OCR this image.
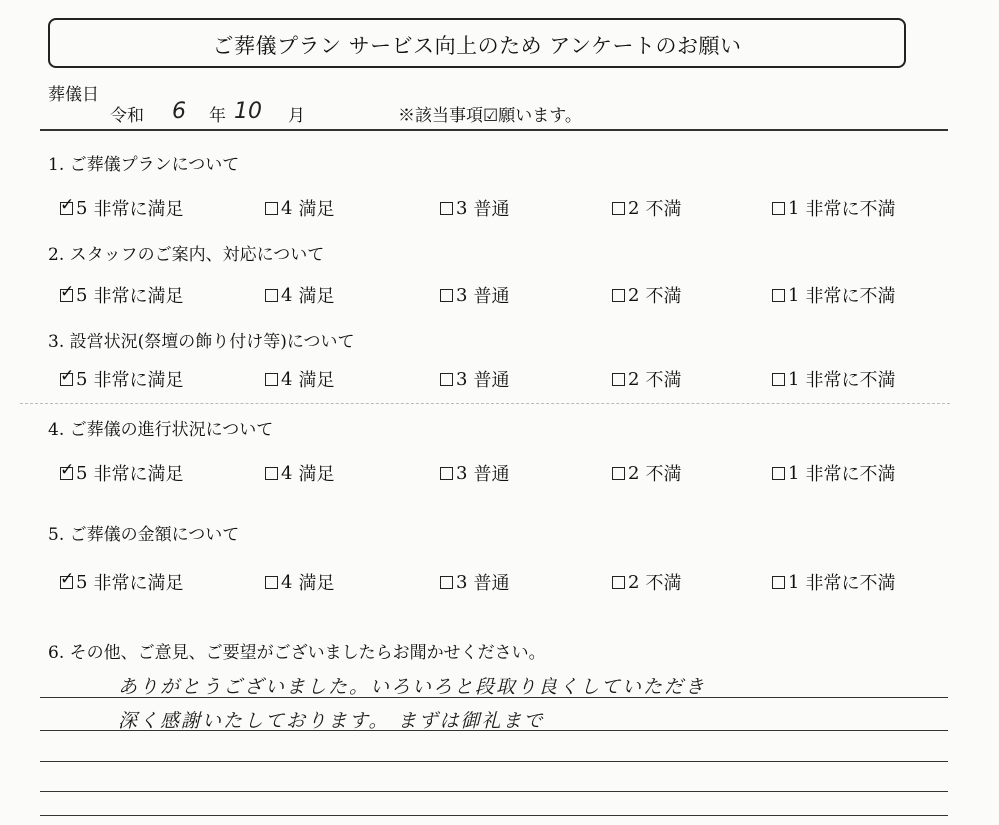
ご葬儀プラン サービス向上のため アンケートのお願い
葬儀日
令和 6 年 10 月	※該当事項☑願います。
1. ご葬儀プランについて
✓ 5 非常に満足	4 満足	3 普通	2 不満	1 非常に不満
2. スタッフのご案内、対応について
✓ 5 非常に満足	4 満足	3 普通	2 不満	1 非常に不満
3. 設営状況(祭壇の飾り付け等)について
✓ 5 非常に満足	4 満足	3 普通	2 不満	1 非常に不満
4. ご葬儀の進行状況について
✓ 5 非常に満足	4 満足	3 普通	2 不満	1 非常に不満
5. ご葬儀の金額について
✓ 5 非常に満足	4 満足	3 普通	2 不満	1 非常に不満
6. その他、ご意見、ご要望がございましたらお聞かせください。
ありがとうございました。いろいろと段取り良くしていただき
深く感謝いたしております。 まずは御礼まで
